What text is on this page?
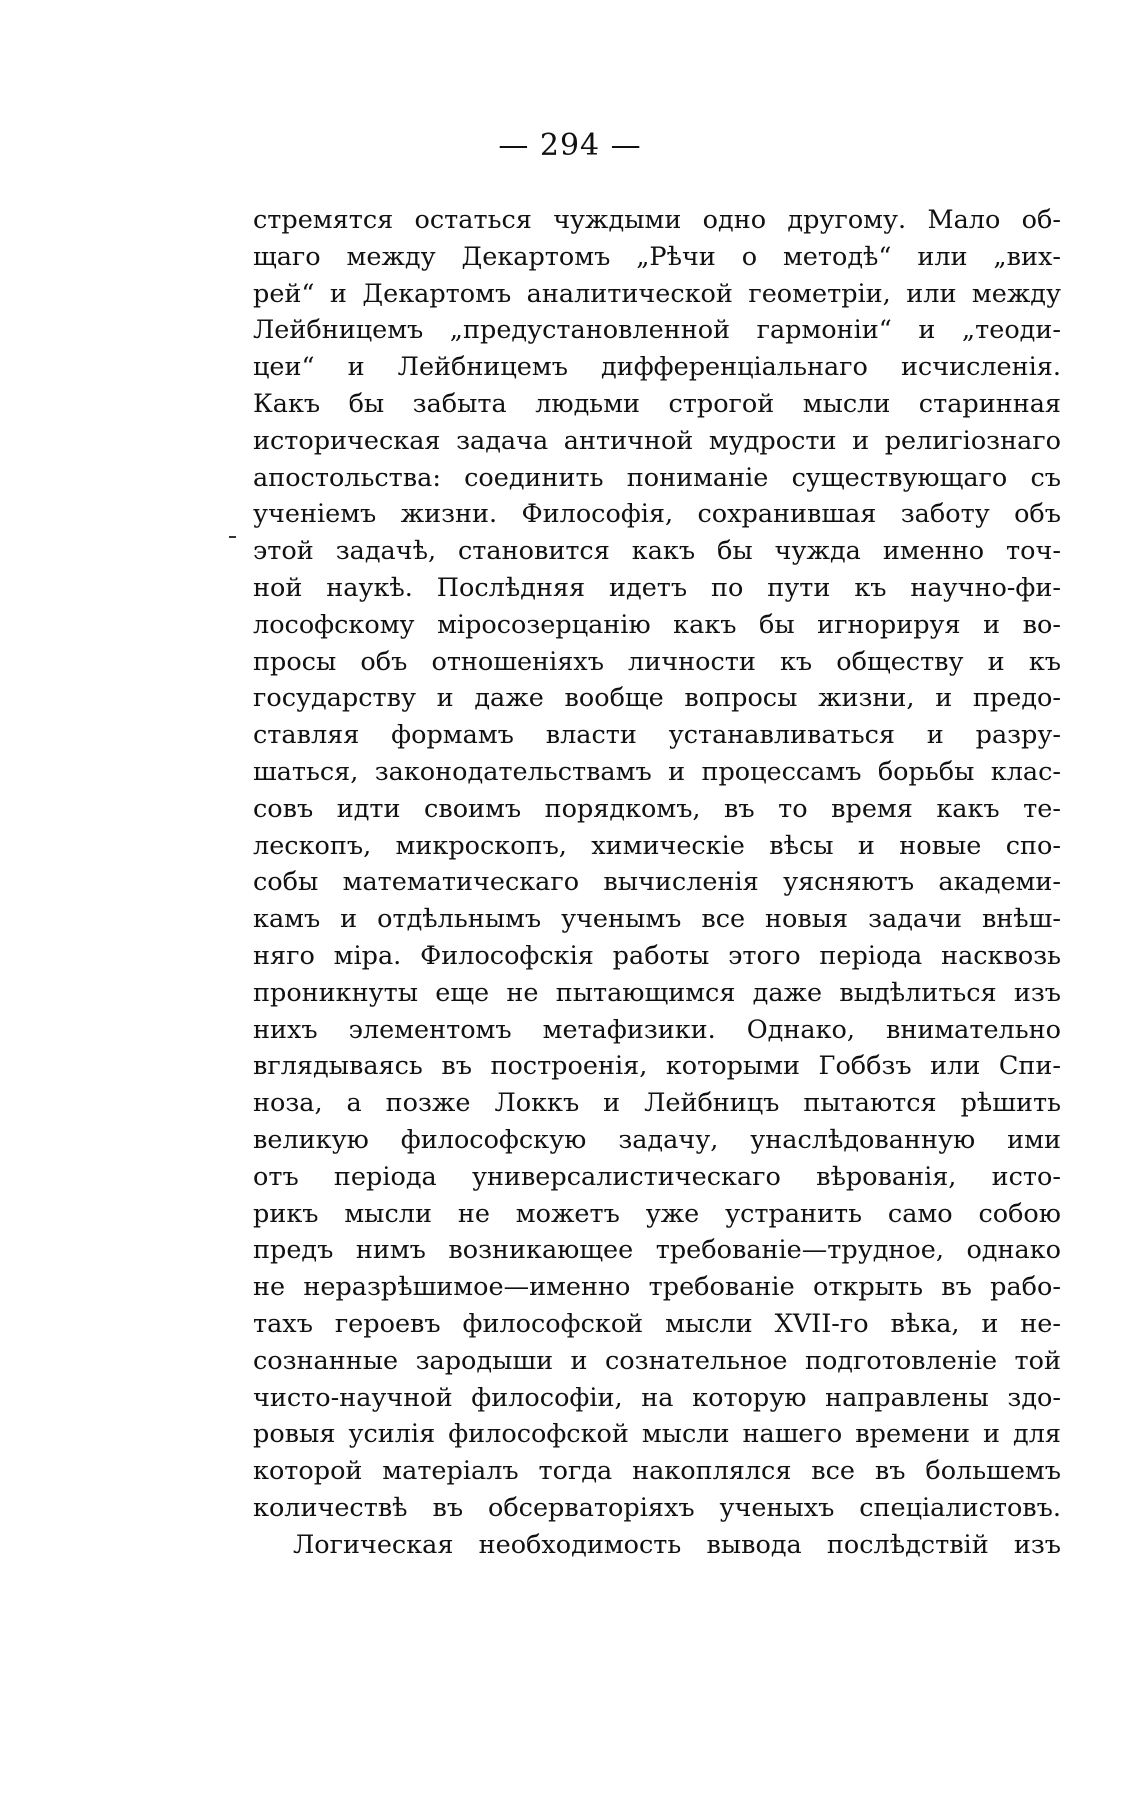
— 294 —
стремятся остаться чуждыми одно другому. Мало об-
щаго между Декартомъ „Рѣчи о методѣ“ или „вих-
рей“ и Декартомъ аналитической геометріи, или между
Лейбницемъ „предустановленной гармоніи“ и „теоди-
цеи“ и Лейбницемъ дифференціальнаго исчисленія.
Какъ бы забыта людьми строгой мысли старинная
историческая задача античной мудрости и религіознаго
апостольства: соединить пониманіе существующаго съ
ученіемъ жизни. Философія, сохранившая заботу объ
этой задачѣ, становится какъ бы чужда именно точ-
ной наукѣ. Послѣдняя идетъ по пути къ научно-фи-
лософскому міросозерцанію какъ бы игнорируя и во-
просы объ отношеніяхъ личности къ обществу и къ
государству и даже вообще вопросы жизни, и предо-
ставляя формамъ власти устанавливаться и разру-
шаться, законодательствамъ и процессамъ борьбы клас-
совъ идти своимъ порядкомъ, въ то время какъ те-
лескопъ, микроскопъ, химическіе вѣсы и новые спо-
собы математическаго вычисленія уясняютъ академи-
камъ и отдѣльнымъ ученымъ все новыя задачи внѣш-
няго міра. Философскія работы этого періода насквозь
проникнуты еще не пытающимся даже выдѣлиться изъ
нихъ элементомъ метафизики. Однако, внимательно
вглядываясь въ построенія, которыми Гоббзъ или Спи-
ноза, а позже Локкъ и Лейбницъ пытаются рѣшить
великую философскую задачу, унаслѣдованную ими
отъ періода универсалистическаго вѣрованія, исто-
рикъ мысли не можетъ уже устранить само собою
предъ нимъ возникающее требованіе—трудное, однако
не неразрѣшимое—именно требованіе открыть въ рабо-
тахъ героевъ философской мысли XVII-го вѣка, и не-
сознанные зародыши и сознательное подготовленіе той
чисто-научной философіи, на которую направлены здо-
ровыя усилія философской мысли нашего времени и для
которой матеріалъ тогда накоплялся все въ большемъ
количествѣ въ обсерваторіяхъ ученыхъ спеціалистовъ.
Логическая необходимость вывода послѣдствій изъ
